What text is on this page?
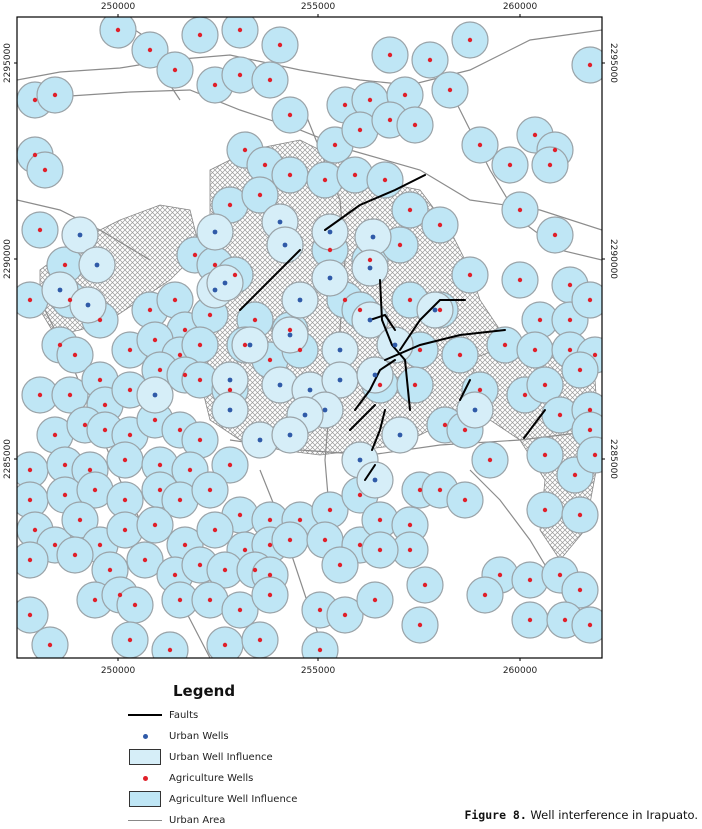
250000	255000	260000
250000	255000	260000
2295000
2290000
2285000
2295000
2290000
2285000
Legend
Faults
Urban Wells
Urban Well Influence
Agriculture Wells
Agriculture Well Influence
Urban Area	Figure 8. Well interference in Irapuato.
